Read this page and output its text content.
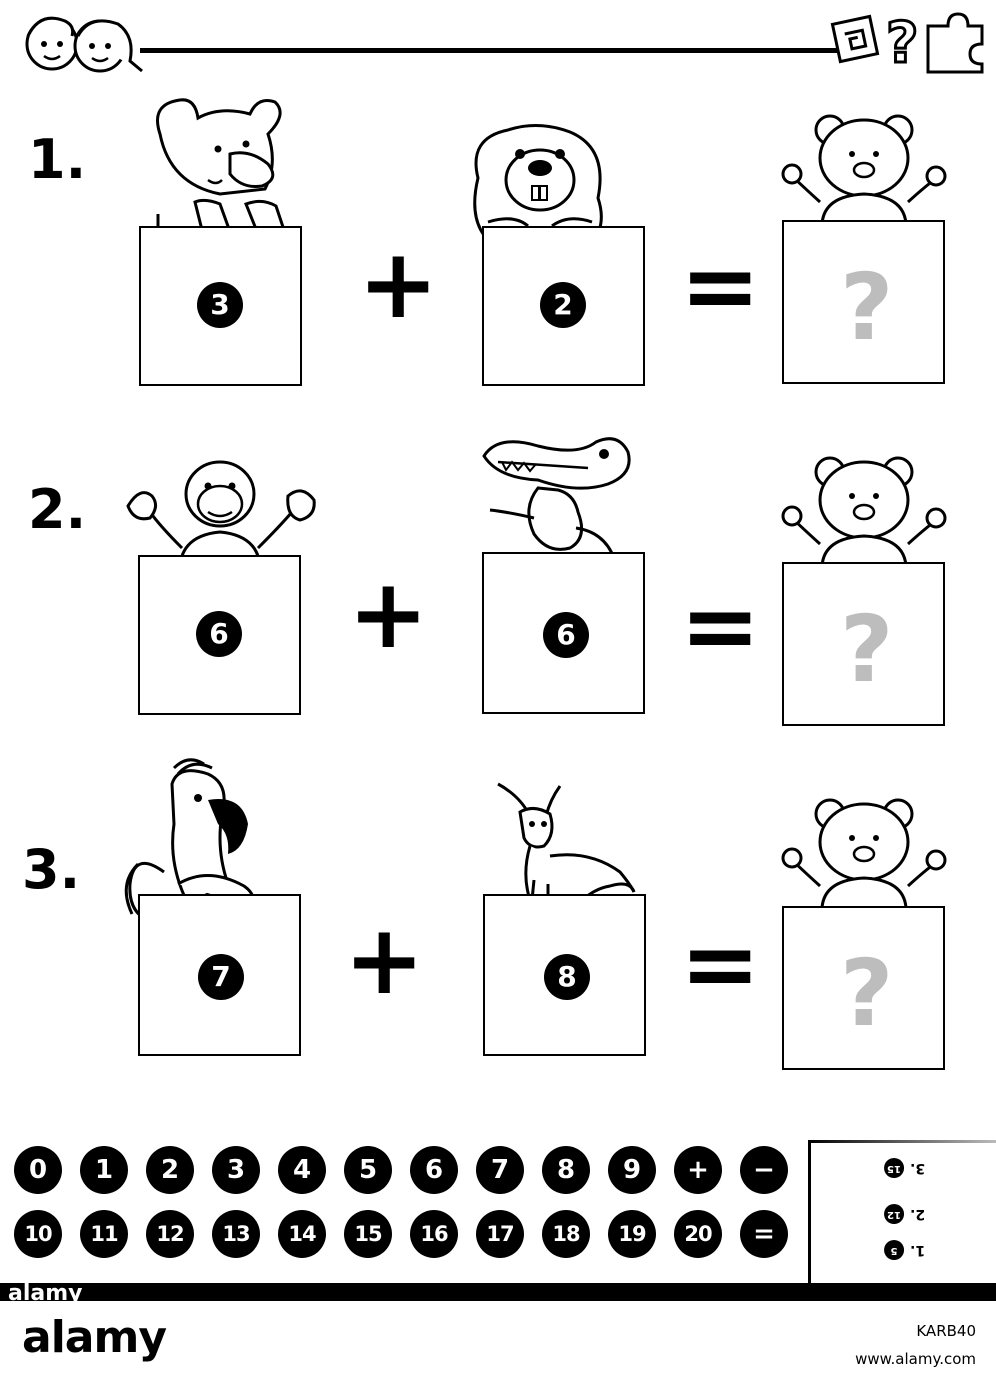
?
1.
3 +	2 = ?
2.
6 +	6 = ?
3.
7 +	8 = ?
0	1	2	3	4	5	6	7	8	9	+	−
10	11	12	13	14	15	16	17	18	19	20	=
3.
15
2.
12
1.
5
alamy
alamy	KARB40
www.alamy.com
